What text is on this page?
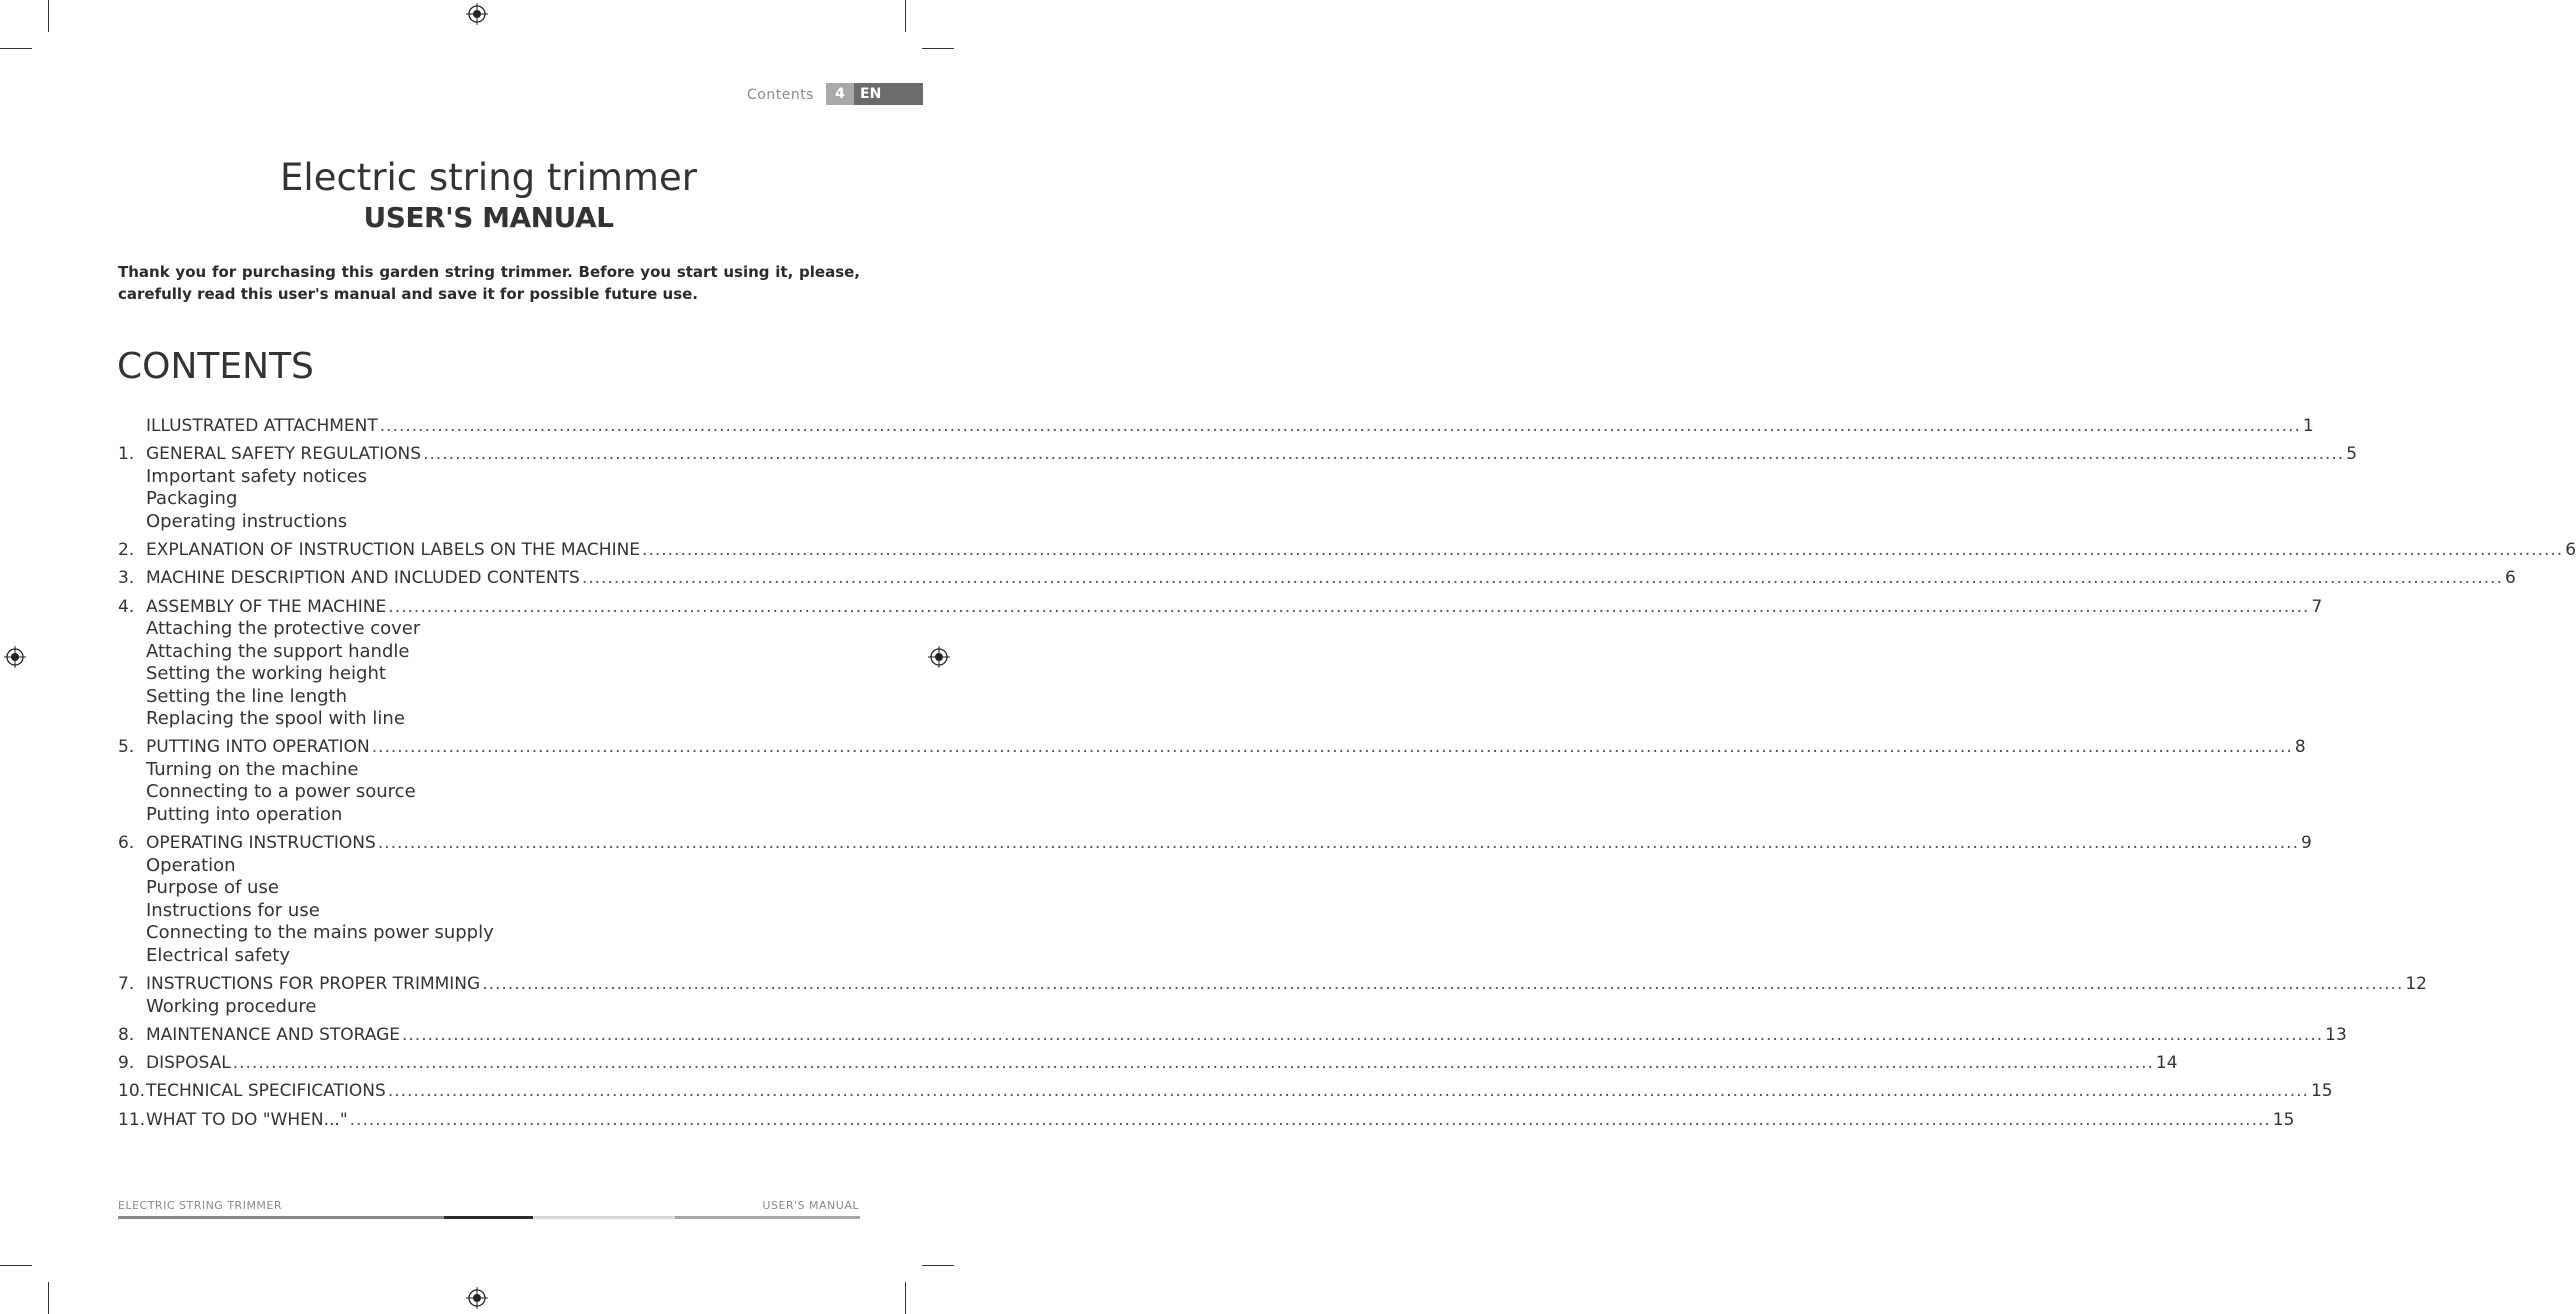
Contents	4	EN
Electric string trimmer
USER'S MANUAL
Thank you for purchasing this garden string trimmer. Before you start using it, please, carefully read this user's manual and save it for possible future use.
CONTENTS
ILLUSTRATED ATTACHMENT ............................................................................................................................................................................................................................................................................................................ 1
1. GENERAL SAFETY REGULATIONS ............................................................................................................................................................................................................................................................................................................ 5
Important safety notices
Packaging
Operating instructions
2. EXPLANATION OF INSTRUCTION LABELS ON THE MACHINE ............................................................................................................................................................................................................................................................................................................ 6
3. MACHINE DESCRIPTION AND INCLUDED CONTENTS ............................................................................................................................................................................................................................................................................................................ 6
4. ASSEMBLY OF THE MACHINE ............................................................................................................................................................................................................................................................................................................ 7
Attaching the protective cover
Attaching the support handle
Setting the working height
Setting the line length
Replacing the spool with line
5. PUTTING INTO OPERATION ............................................................................................................................................................................................................................................................................................................ 8
Turning on the machine
Connecting to a power source
Putting into operation
6. OPERATING INSTRUCTIONS ............................................................................................................................................................................................................................................................................................................ 9
Operation
Purpose of use
Instructions for use
Connecting to the mains power supply
Electrical safety
7. INSTRUCTIONS FOR PROPER TRIMMING ............................................................................................................................................................................................................................................................................................................ 12
Working procedure
8. MAINTENANCE AND STORAGE ............................................................................................................................................................................................................................................................................................................ 13
9. DISPOSAL ............................................................................................................................................................................................................................................................................................................ 14
10. TECHNICAL SPECIFICATIONS ............................................................................................................................................................................................................................................................................................................ 15
11. WHAT TO DO "WHEN..." ............................................................................................................................................................................................................................................................................................................ 15
ELECTRIC STRING TRIMMER	USER'S MANUAL
